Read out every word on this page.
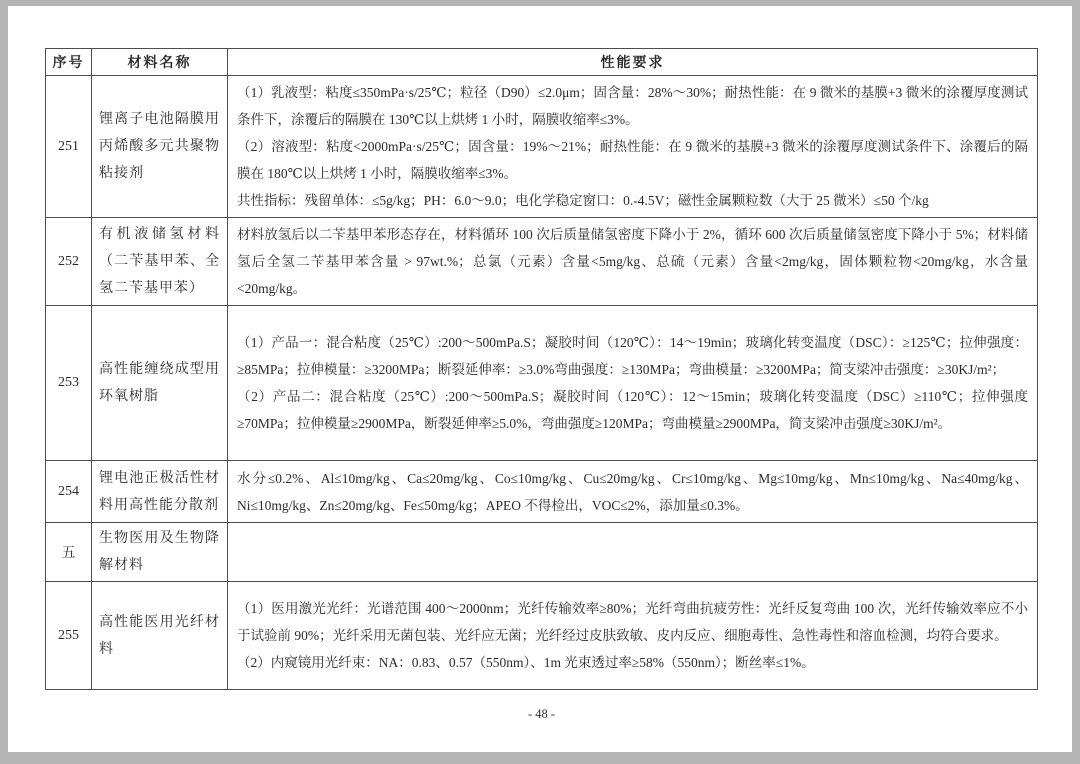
序号	材料名称	性能要求
251	锂离子电池隔膜用丙烯酸多元共聚物粘接剂	（1）乳液型：粘度≤350mPa·s/25℃；粒径（D90）≤2.0μm；固含量：28%～30%；耐热性能：在 9 微米的基膜+3 微米的涂覆厚度测试条件下，涂覆后的隔膜在 130℃以上烘烤 1 小时，隔膜收缩率≤3%。

（2）溶液型：粘度<2000mPa·s/25℃；固含量：19%～21%；耐热性能：在 9 微米的基膜+3 微米的涂覆厚度测试条件下、涂覆后的隔膜在 180℃以上烘烤 1 小时，隔膜收缩率≤3%。

共性指标：残留单体：≤5g/kg；PH：6.0～9.0；电化学稳定窗口：0.-4.5V；磁性金属颗粒数（大于 25 微米）≤50 个/kg

252	有机液储氢材料（二苄基甲苯、全氢二苄基甲苯）	材料放氢后以二苄基甲苯形态存在，材料循环 100 次后质量储氢密度下降小于 2%，循环 600 次后质量储氢密度下降小于 5%；材料储氢后全氢二苄基甲苯含量 > 97wt.%；总氯（元素）含量<5mg/kg、总硫（元素）含量<2mg/kg，固体颗粒物<20mg/kg，水含量<20mg/kg。

253	高性能缠绕成型用环氧树脂	（1）产品一：混合粘度（25℃）:200～500mPa.S；凝胶时间（120℃）：14～19min；玻璃化转变温度（DSC）：≥125℃；拉伸强度：≥85MPa；拉伸模量：≥3200MPa；断裂延伸率：≥3.0%弯曲强度：≥130MPa；弯曲模量：≥3200MPa；简支梁冲击强度：≥30KJ/m²；

（2）产品二：混合粘度（25℃）:200～500mPa.S；凝胶时间（120℃）：12～15min；玻璃化转变温度（DSC）≥110℃；拉伸强度≥70MPa；拉伸模量≥2900MPa，断裂延伸率≥5.0%，弯曲强度≥120MPa；弯曲模量≥2900MPa，简支梁冲击强度≥30KJ/m²。

254	锂电池正极活性材料用高性能分散剂	水分≤0.2%、Al≤10mg/kg、Ca≤20mg/kg、Co≤10mg/kg、Cu≤20mg/kg、Cr≤10mg/kg、Mg≤10mg/kg、Mn≤10mg/kg、Na≤40mg/kg、Ni≤10mg/kg、Zn≤20mg/kg、Fe≤50mg/kg；APEO 不得检出，VOC≤2%，添加量≤0.3%。

五	生物医用及生物降解材料	
255	高性能医用光纤材料	（1）医用激光光纤：光谱范围 400～2000nm；光纤传输效率≥80%；光纤弯曲抗疲劳性：光纤反复弯曲 100 次，光纤传输效率应不小于试验前 90%；光纤采用无菌包装、光纤应无菌；光纤经过皮肤致敏、皮内反应、细胞毒性、急性毒性和溶血检测，均符合要求。

（2）内窥镜用光纤束：NA：0.83、0.57（550nm）、1m 光束透过率≥58%（550nm）；断丝率≤1%。

- 48 -
